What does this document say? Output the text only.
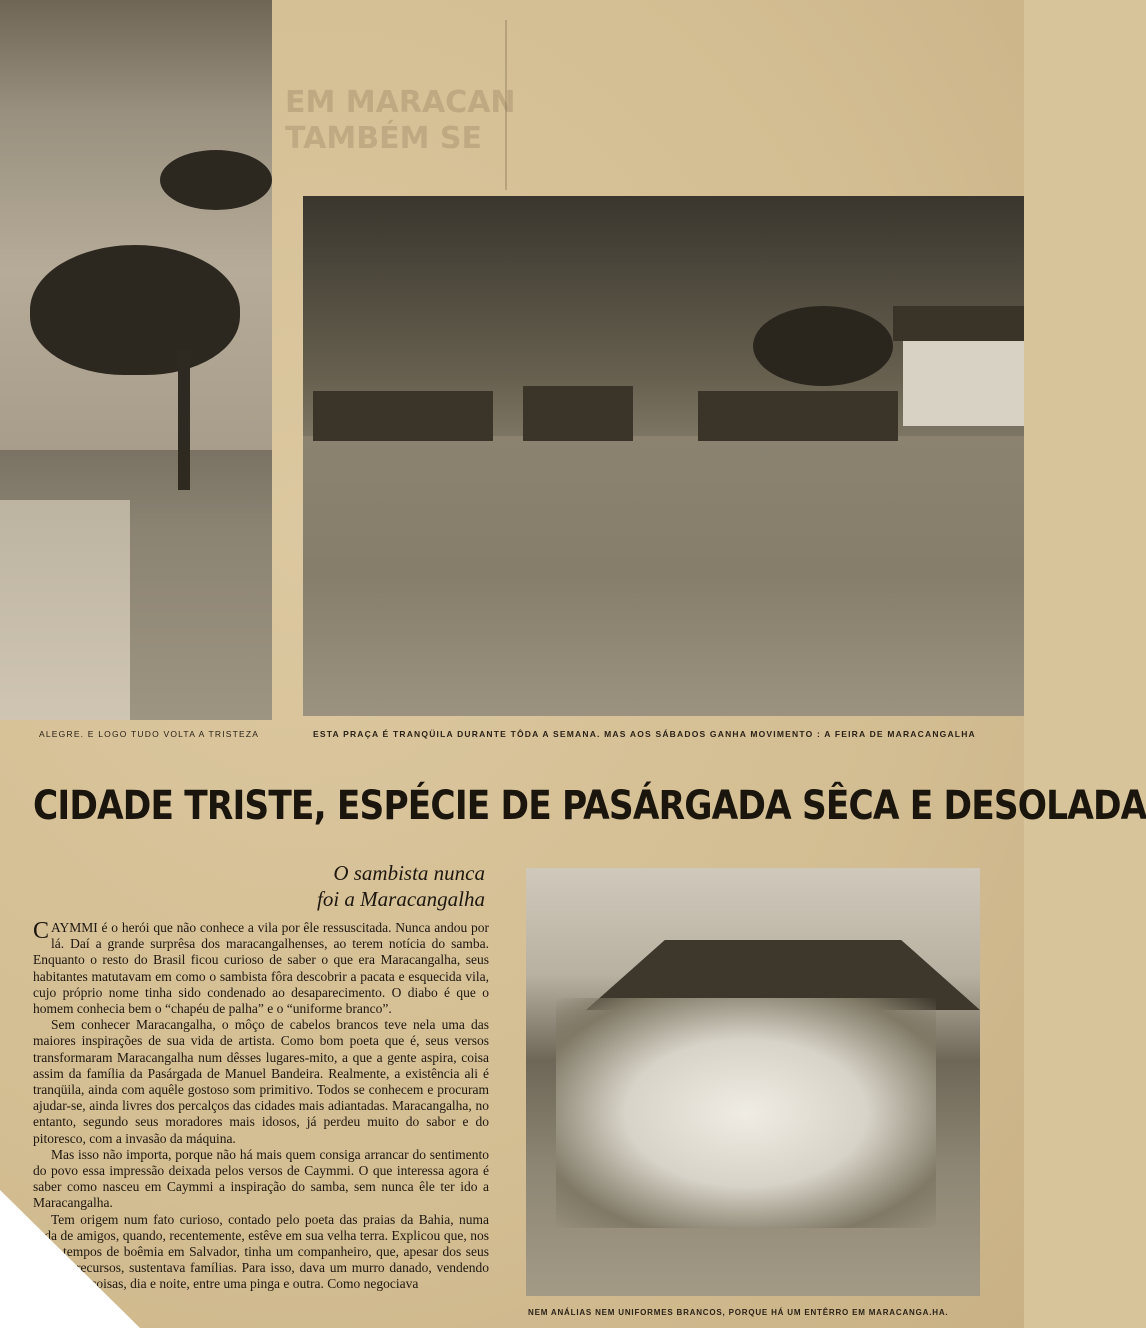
EM MARACAN
TAMBÉM SE
ALEGRE. E LOGO TUDO VOLTA A TRISTEZA	ESTA PRAÇA É TRANQÜILA DURANTE TÔDA A SEMANA. MAS AOS SÁBADOS GANHA MOVIMENTO : A FEIRA DE MARACANGALHA
CIDADE TRISTE, ESPÉCIE DE PASÁRGADA SÊCA E DESOLADA
O sambista nunca
foi a Maracangalha

CAYMMI é o herói que não conhece a vila por êle ressuscitada. Nunca andou por lá. Daí a grande surprêsa dos maracangalhenses, ao terem notícia do samba. Enquanto o resto do Brasil ficou curioso de saber o que era Maracangalha, seus habitantes matutavam em como o sambista fôra descobrir a pacata e esquecida vila, cujo próprio nome tinha sido condenado ao desaparecimento. O diabo é que o homem conhecia bem o “chapéu de palha” e o “uniforme branco”.

Sem conhecer Maracangalha, o môço de cabelos brancos teve nela uma das maiores inspirações de sua vida de artista. Como bom poeta que é, seus versos transformaram Maracangalha num dêsses lugares-mito, a que a gente aspira, coisa assim da família da Pasárgada de Manuel Bandeira. Realmente, a existência ali é tranqüila, ainda com aquêle gostoso som primitivo. Todos se conhecem e procuram ajudar-se, ainda livres dos percalços das cidades mais adiantadas. Maracangalha, no entanto, segundo seus moradores mais idosos, já perdeu muito do sabor e do pitoresco, com a invasão da máquina.

Mas isso não importa, porque não há mais quem consiga arrancar do sentimento do povo essa impressão deixada pelos versos de Caymmi. O que interessa agora é saber como nasceu em Caymmi a inspiração do samba, sem nunca êle ter ido a Maracangalha.

Tem origem num fato curioso, contado pelo poeta das praias da Bahia, numa roda de amigos, quando, recentemente, estêve em sua velha terra. Explicou que, nos bons tempos de boêmia em Salvador, tinha um companheiro, que, apesar dos seus poucos recursos, sustentava famílias. Para isso, dava um murro danado, vendendo mil e uma coisas, dia e noite, entre uma pinga e outra. Como negociava

NEM ANÁLIAS NEM UNIFORMES BRANCOS, PORQUE HÁ UM ENTÊRRO EM MARACANGA.HA.
